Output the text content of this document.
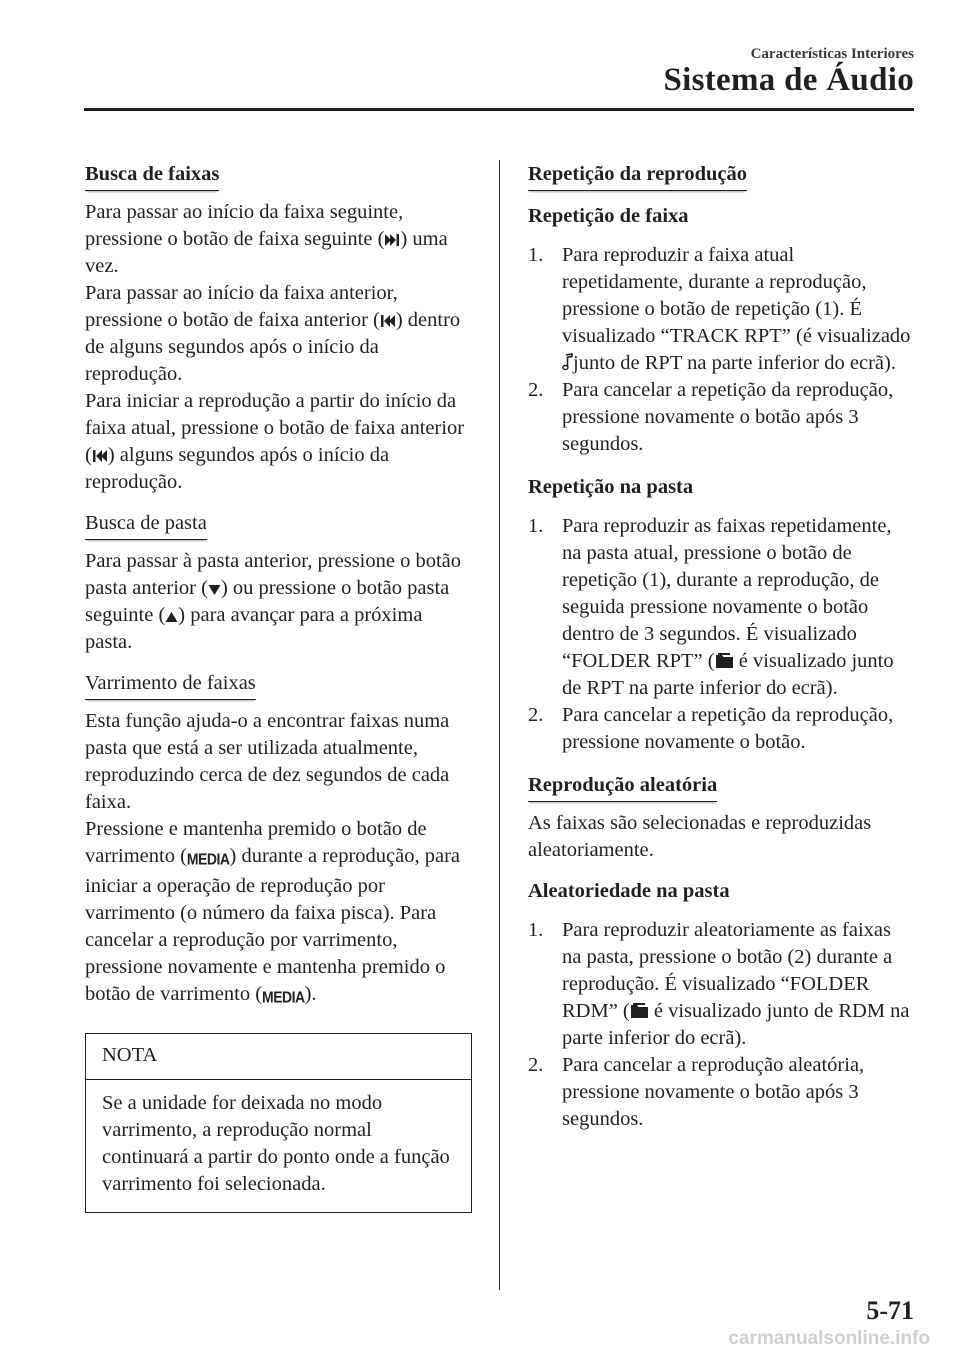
Características Interiores
Sistema de Áudio
Busca de faixas

Para passar ao início da faixa seguinte, pressione o botão de faixa seguinte ( ) uma vez.
Para passar ao início da faixa anterior, pressione o botão de faixa anterior ( ) dentro de alguns segundos após o início da reprodução.
Para iniciar a reprodução a partir do início da faixa atual, pressione o botão de faixa anterior ( ) alguns segundos após o início da reprodução.

Busca de pasta

Para passar à pasta anterior, pressione o botão pasta anterior ( ) ou pressione o botão pasta seguinte ( ) para avançar para a próxima pasta.

Varrimento de faixas

Esta função ajuda-o a encontrar faixas numa pasta que está a ser utilizada atualmente, reproduzindo cerca de dez segundos de cada faixa.
Pressione e mantenha premido o botão de varrimento (MEDIA) durante a reprodução, para iniciar a operação de reprodução por varrimento (o número da faixa pisca). Para cancelar a reprodução por varrimento, pressione novamente e mantenha premido o botão de varrimento (MEDIA).

NOTA
Se a unidade for deixada no modo varrimento, a reprodução normal continuará a partir do ponto onde a função varrimento foi selecionada.
Repetição da reprodução
Repetição de faixa
1. Para reproduzir a faixa atual repetidamente, durante a reprodução, pressione o botão de repetição (1). É visualizado “TRACK RPT” (é visualizado junto de RPT na parte inferior do ecrã).
2. Para cancelar a repetição da reprodução, pressione novamente o botão após 3 segundos.
Repetição na pasta
1. Para reproduzir as faixas repetidamente, na pasta atual, pressione o botão de repetição (1), durante a reprodução, de seguida pressione novamente o botão dentro de 3 segundos. É visualizado “FOLDER RPT” ( é visualizado junto de RPT na parte inferior do ecrã).
2. Para cancelar a repetição da reprodução, pressione novamente o botão.
Reprodução aleatória

As faixas são selecionadas e reproduzidas aleatoriamente.

Aleatoriedade na pasta
1. Para reproduzir aleatoriamente as faixas na pasta, pressione o botão (2) durante a reprodução. É visualizado “FOLDER RDM” ( é visualizado junto de RDM na parte inferior do ecrã).
2. Para cancelar a reprodução aleatória, pressione novamente o botão após 3 segundos.
5-71
carmanualsonline.info
